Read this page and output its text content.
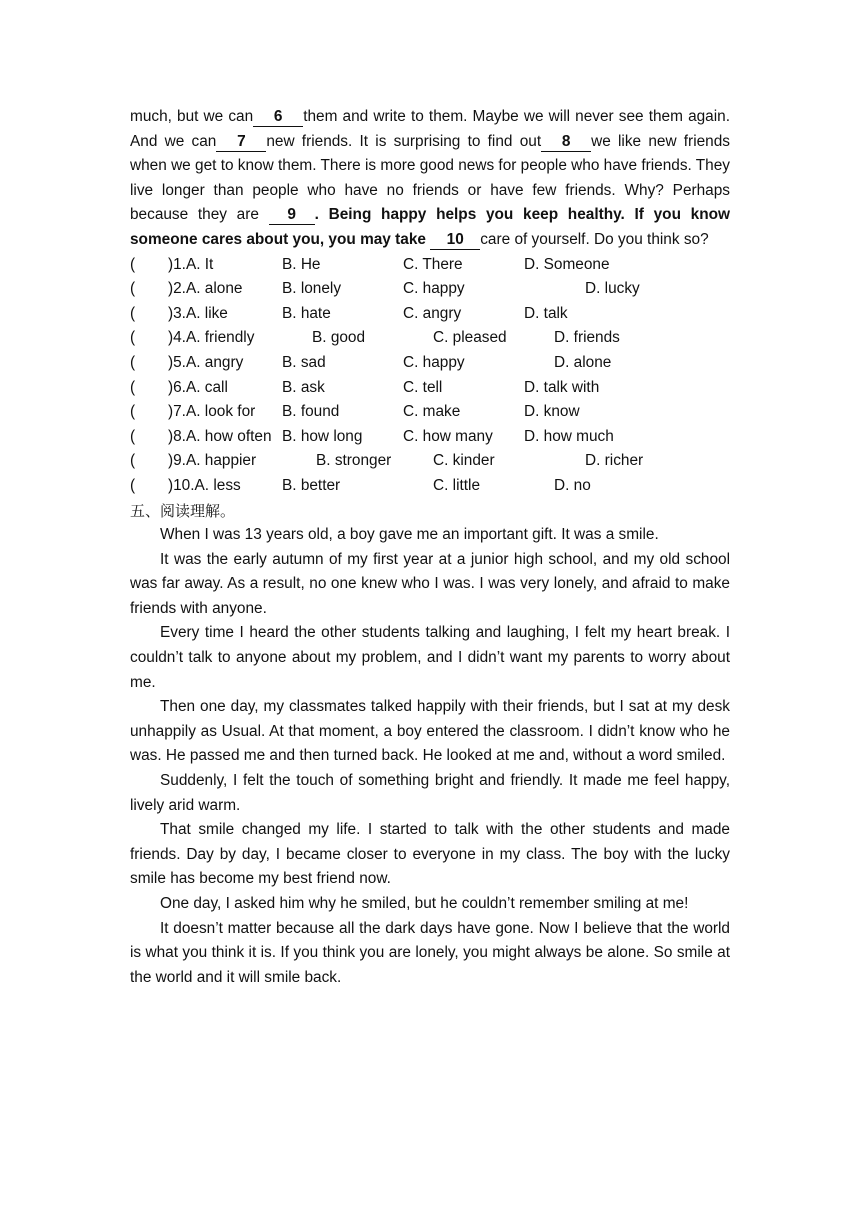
much, but we can 6 them and write to them. Maybe we will never see them again. And we can 7 new friends. It is surprising to find out 8 we like new friends when we get to know them. There is more good news for people who have friends. They live longer than people who have no friends or have few friends. Why? Perhaps because they are 9 . Being happy helps you keep healthy. If you know someone cares about you, you may take 10 care of yourself. Do you think so?

( )1.A. It	B. He	C. There	D. Someone
( )2.A. alone	B. lonely	C. happy	D. lucky
( )3.A. like	B. hate	C. angry	D. talk
( )4.A. friendly	B. good	C. pleased	D. friends
( )5.A. angry	B. sad	C. happy	D. alone
( )6.A. call	B. ask	C. tell	D. talk with
( )7.A. look for B. found	C. make	D. know
( )8.A. how often B. how long	C. how many D. how much
( )9.A. happier	B. stronger	C. kinder	D. richer
( )10.A. less	B. better	C. little	D. no

五、阅读理解。

When I was 13 years old, a boy gave me an important gift. It was a smile.

It was the early autumn of my first year at a junior high school, and my old school was far away. As a result, no one knew who I was. I was very lonely, and afraid to make friends with anyone.

Every time I heard the other students talking and laughing, I felt my heart break. I couldn’t talk to anyone about my problem, and I didn’t want my parents to worry about me.

Then one day, my classmates talked happily with their friends, but I sat at my desk unhappily as Usual. At that moment, a boy entered the classroom. I didn’t know who he was. He passed me and then turned back. He looked at me and, without a word smiled.

Suddenly, I felt the touch of something bright and friendly. It made me feel happy, lively arid warm.

That smile changed my life. I started to talk with the other students and made friends. Day by day, I became closer to everyone in my class. The boy with the lucky smile has become my best friend now.

One day, I asked him why he smiled, but he couldn’t remember smiling at me!

It doesn’t matter because all the dark days have gone. Now I believe that the world is what you think it is. If you think you are lonely, you might always be alone. So smile at the world and it will smile back.
